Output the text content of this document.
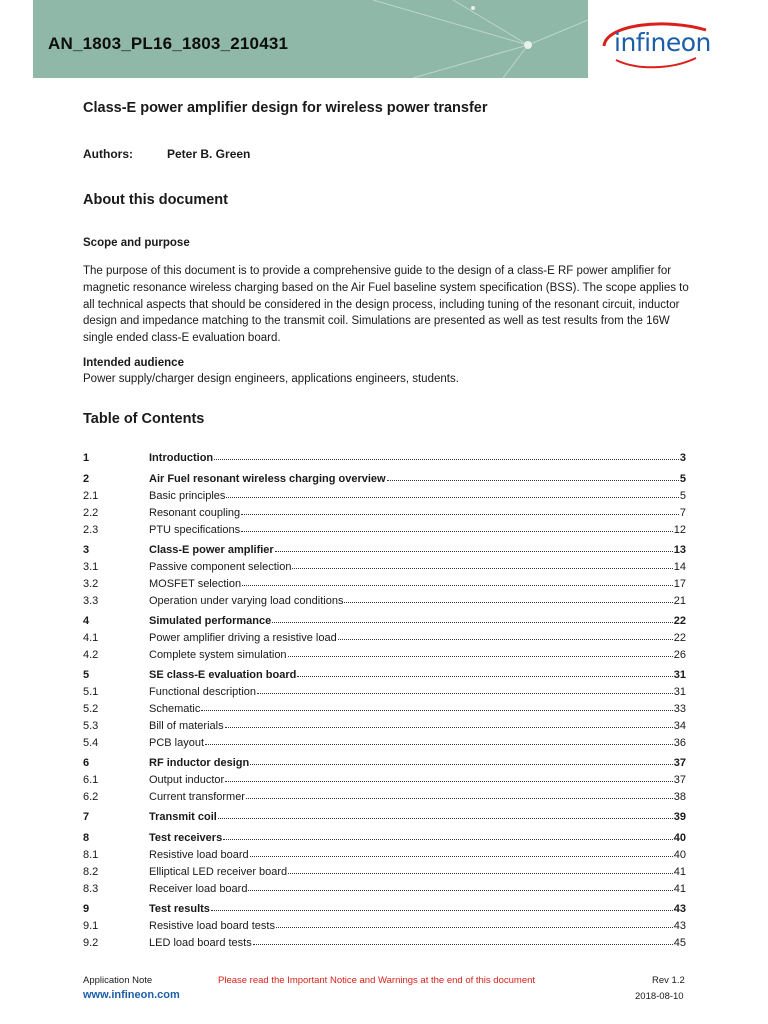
AN_1803_PL16_1803_210431	infineon
Class-E power amplifier design for wireless power transfer
Authors:	Peter B. Green
About this document
Scope and purpose
The purpose of this document is to provide a comprehensive guide to the design of a class-E RF power amplifier for magnetic resonance wireless charging based on the Air Fuel baseline system specification (BSS). The scope applies to all technical aspects that should be considered in the design process, including tuning of the resonant circuit, inductor design and impedance matching to the transmit coil. Simulations are presented as well as test results from the 16W single ended class-E evaluation board.
Intended audience
Power supply/charger design engineers, applications engineers, students.
Table of Contents
1	Introduction	3
2	Air Fuel resonant wireless charging overview	5
2.1	Basic principles	5
2.2	Resonant coupling	7
2.3	PTU specifications	12
3	Class-E power amplifier	13
3.1	Passive component selection	14
3.2	MOSFET selection	17
3.3	Operation under varying load conditions	21
4	Simulated performance	22
4.1	Power amplifier driving a resistive load	22
4.2	Complete system simulation	26
5	SE class-E evaluation board	31
5.1	Functional description	31
5.2	Schematic	33
5.3	Bill of materials	34
5.4	PCB layout	36
6	RF inductor design	37
6.1	Output inductor	37
6.2	Current transformer	38
7	Transmit coil	39
8	Test receivers	40
8.1	Resistive load board	40
8.2	Elliptical LED receiver board	41
8.3	Receiver load board	41
9	Test results	43
9.1	Resistive load board tests	43
9.2	LED load board tests	45
Application Note
www.infineon.com
Please read the Important Notice and Warnings at the end of this document	Rev 1.2
2018-08-10
